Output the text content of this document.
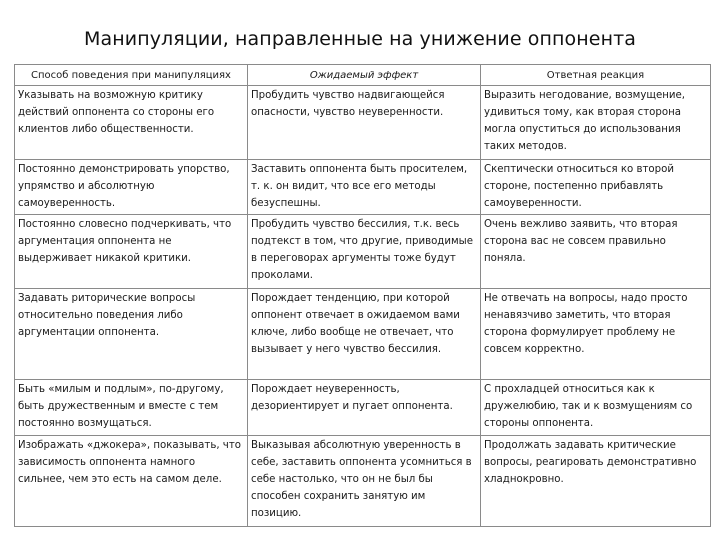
Манипуляции, направленные на унижение оппонента
Способ поведения при манипуляциях	Ожидаемый эффект	Ответная реакция
Указывать на возможную критику действий оппонента со стороны его клиентов либо общественности.	Пробудить чувство надвигающейся опасности, чувство неуверенности.	Выразить негодование, возмущение, удивиться тому, как вторая сторона могла опуститься до использования таких методов.
Постоянно демонстрировать упорство, упрямство и абсолютную самоуверенность.	Заставить оппонента быть просителем, т. к. он видит, что все его методы безуспешны.	Скептически относиться ко второй стороне, постепенно прибавлять самоуверенности.
Постоянно словесно подчеркивать, что аргументация оппонента не выдерживает никакой критики.	Пробудить чувство бессилия, т.к. весь подтекст в том, что другие, приводимые в переговорах аргументы тоже будут проколами.	Очень вежливо заявить, что вторая сторона вас не совсем правильно поняла.
Задавать риторические вопросы относительно поведения либо аргументации оппонента.	Порождает тенденцию, при которой оппонент отвечает в ожидаемом вами ключе, либо вообще не отвечает, что вызывает у него чувство бессилия.	Не отвечать на вопросы, надо просто ненавязчиво заметить, что вторая сторона формулирует проблему не совсем корректно.
Быть «милым и подлым», по-другому, быть дружественным и вместе с тем постоянно возмущаться.	Порождает неуверенность, дезориентирует и пугает оппонента.	С прохладцей относиться как к дружелюбию, так и к возмущениям со стороны оппонента.
Изображать «джокера», показывать, что зависимость оппонента намного сильнее, чем это есть на самом деле.	Выказывая абсолютную уверенность в себе, заставить оппонента усомниться в себе настолько, что он не был бы способен сохранить занятую им позицию.	Продолжать задавать критические вопросы, реагировать демонстративно хладнокровно.
